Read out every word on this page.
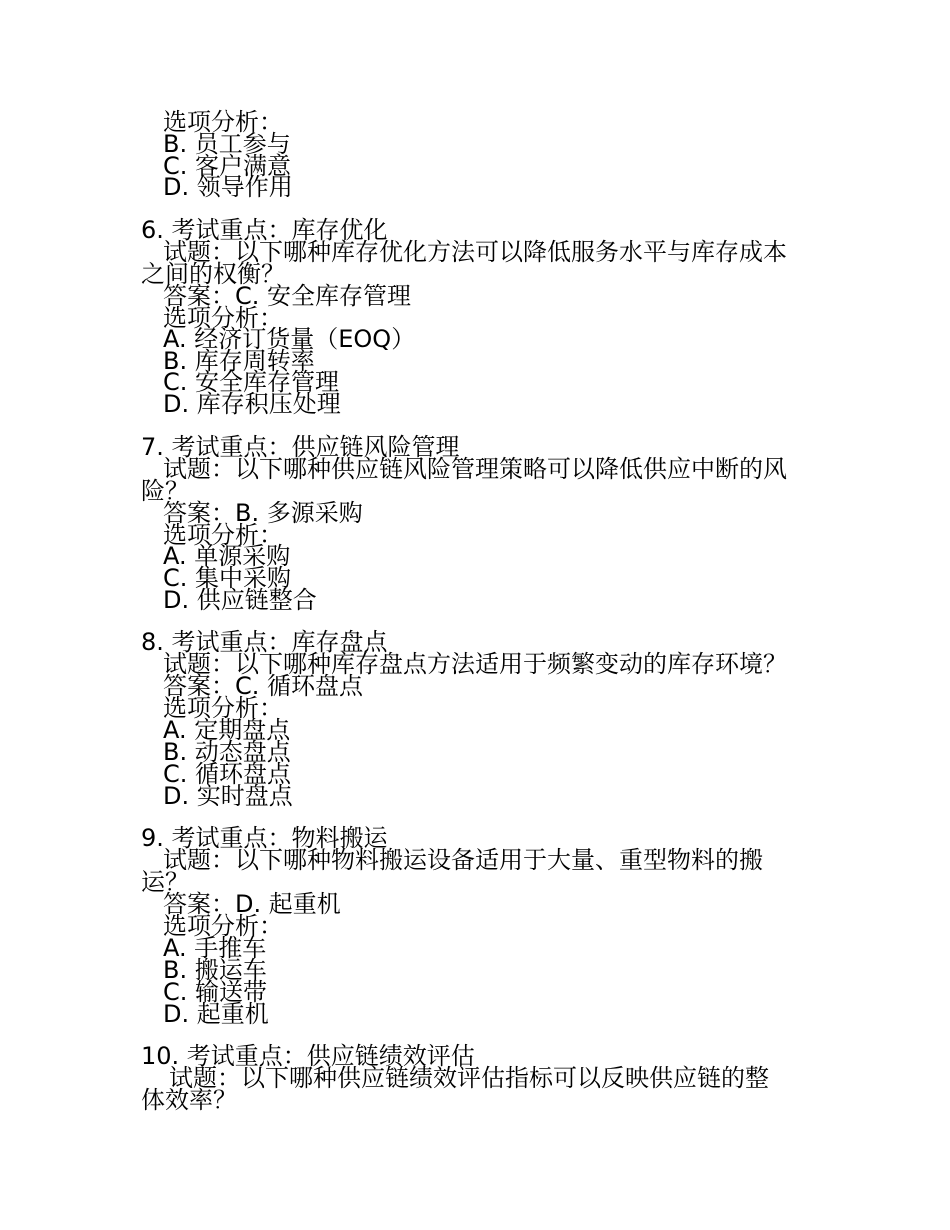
选项分析：
B. 员工参与
C. 客户满意
D. 领导作用
6. 考试重点：库存优化
试题：以下哪种库存优化方法可以降低服务水平与库存成本
之间的权衡？
答案：C. 安全库存管理
选项分析：
A. 经济订货量（EOQ）
B. 库存周转率
C. 安全库存管理
D. 库存积压处理
7. 考试重点：供应链风险管理
试题：以下哪种供应链风险管理策略可以降低供应中断的风
险？
答案：B. 多源采购
选项分析：
A. 单源采购
C. 集中采购
D. 供应链整合
8. 考试重点：库存盘点
试题：以下哪种库存盘点方法适用于频繁变动的库存环境？
答案：C. 循环盘点
选项分析：
A. 定期盘点
B. 动态盘点
C. 循环盘点
D. 实时盘点
9. 考试重点：物料搬运
试题：以下哪种物料搬运设备适用于大量、重型物料的搬
运？
答案：D. 起重机
选项分析：
A. 手推车
B. 搬运车
C. 输送带
D. 起重机
10. 考试重点：供应链绩效评估
试题：以下哪种供应链绩效评估指标可以反映供应链的整
体效率？
